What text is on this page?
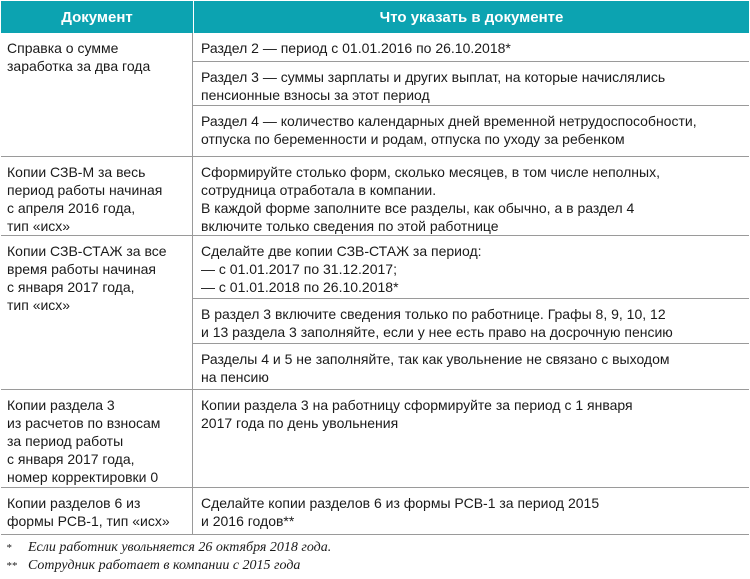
Документ	Что указать в документе
Справка о сумме
заработка за два года
Раздел 2 — период с 01.01.2016 по 26.10.2018*
Раздел 3 — суммы зарплаты и других выплат, на которые начислялись
пенсионные взносы за этот период
Раздел 4 — количество календарных дней временной нетрудоспособности,
отпуска по беременности и родам, отпуска по уходу за ребенком
Копии СЗВ-М за весь
период работы начиная
с апреля 2016 года,
тип «исх»
Сформируйте столько форм, сколько месяцев, в том числе неполных,
сотрудница отработала в компании.
В каждой форме заполните все разделы, как обычно, а в раздел 4
включите только сведения по этой работнице
Копии СЗВ-СТАЖ за все
время работы начиная
с января 2017 года,
тип «исх»
Сделайте две копии СЗВ-СТАЖ за период:
— с 01.01.2017 по 31.12.2017;
— с 01.01.2018 по 26.10.2018*
В раздел 3 включите сведения только по работнице. Графы 8, 9, 10, 12
и 13 раздела 3 заполняйте, если у нее есть право на досрочную пенсию
Разделы 4 и 5 не заполняйте, так как увольнение не связано с выходом
на пенсию
Копии раздела 3
из расчетов по взносам
за период работы
с января 2017 года,
номер корректировки 0
Копии раздела 3 на работницу сформируйте за период с 1 января
2017 года по день увольнения
Копии разделов 6 из
формы РСВ-1, тип «исх»
Сделайте копии разделов 6 из формы РСВ-1 за период 2015
и 2016 годов**
* Если работник увольняется 26 октября 2018 года.
** Сотрудник работает в компании с 2015 года
